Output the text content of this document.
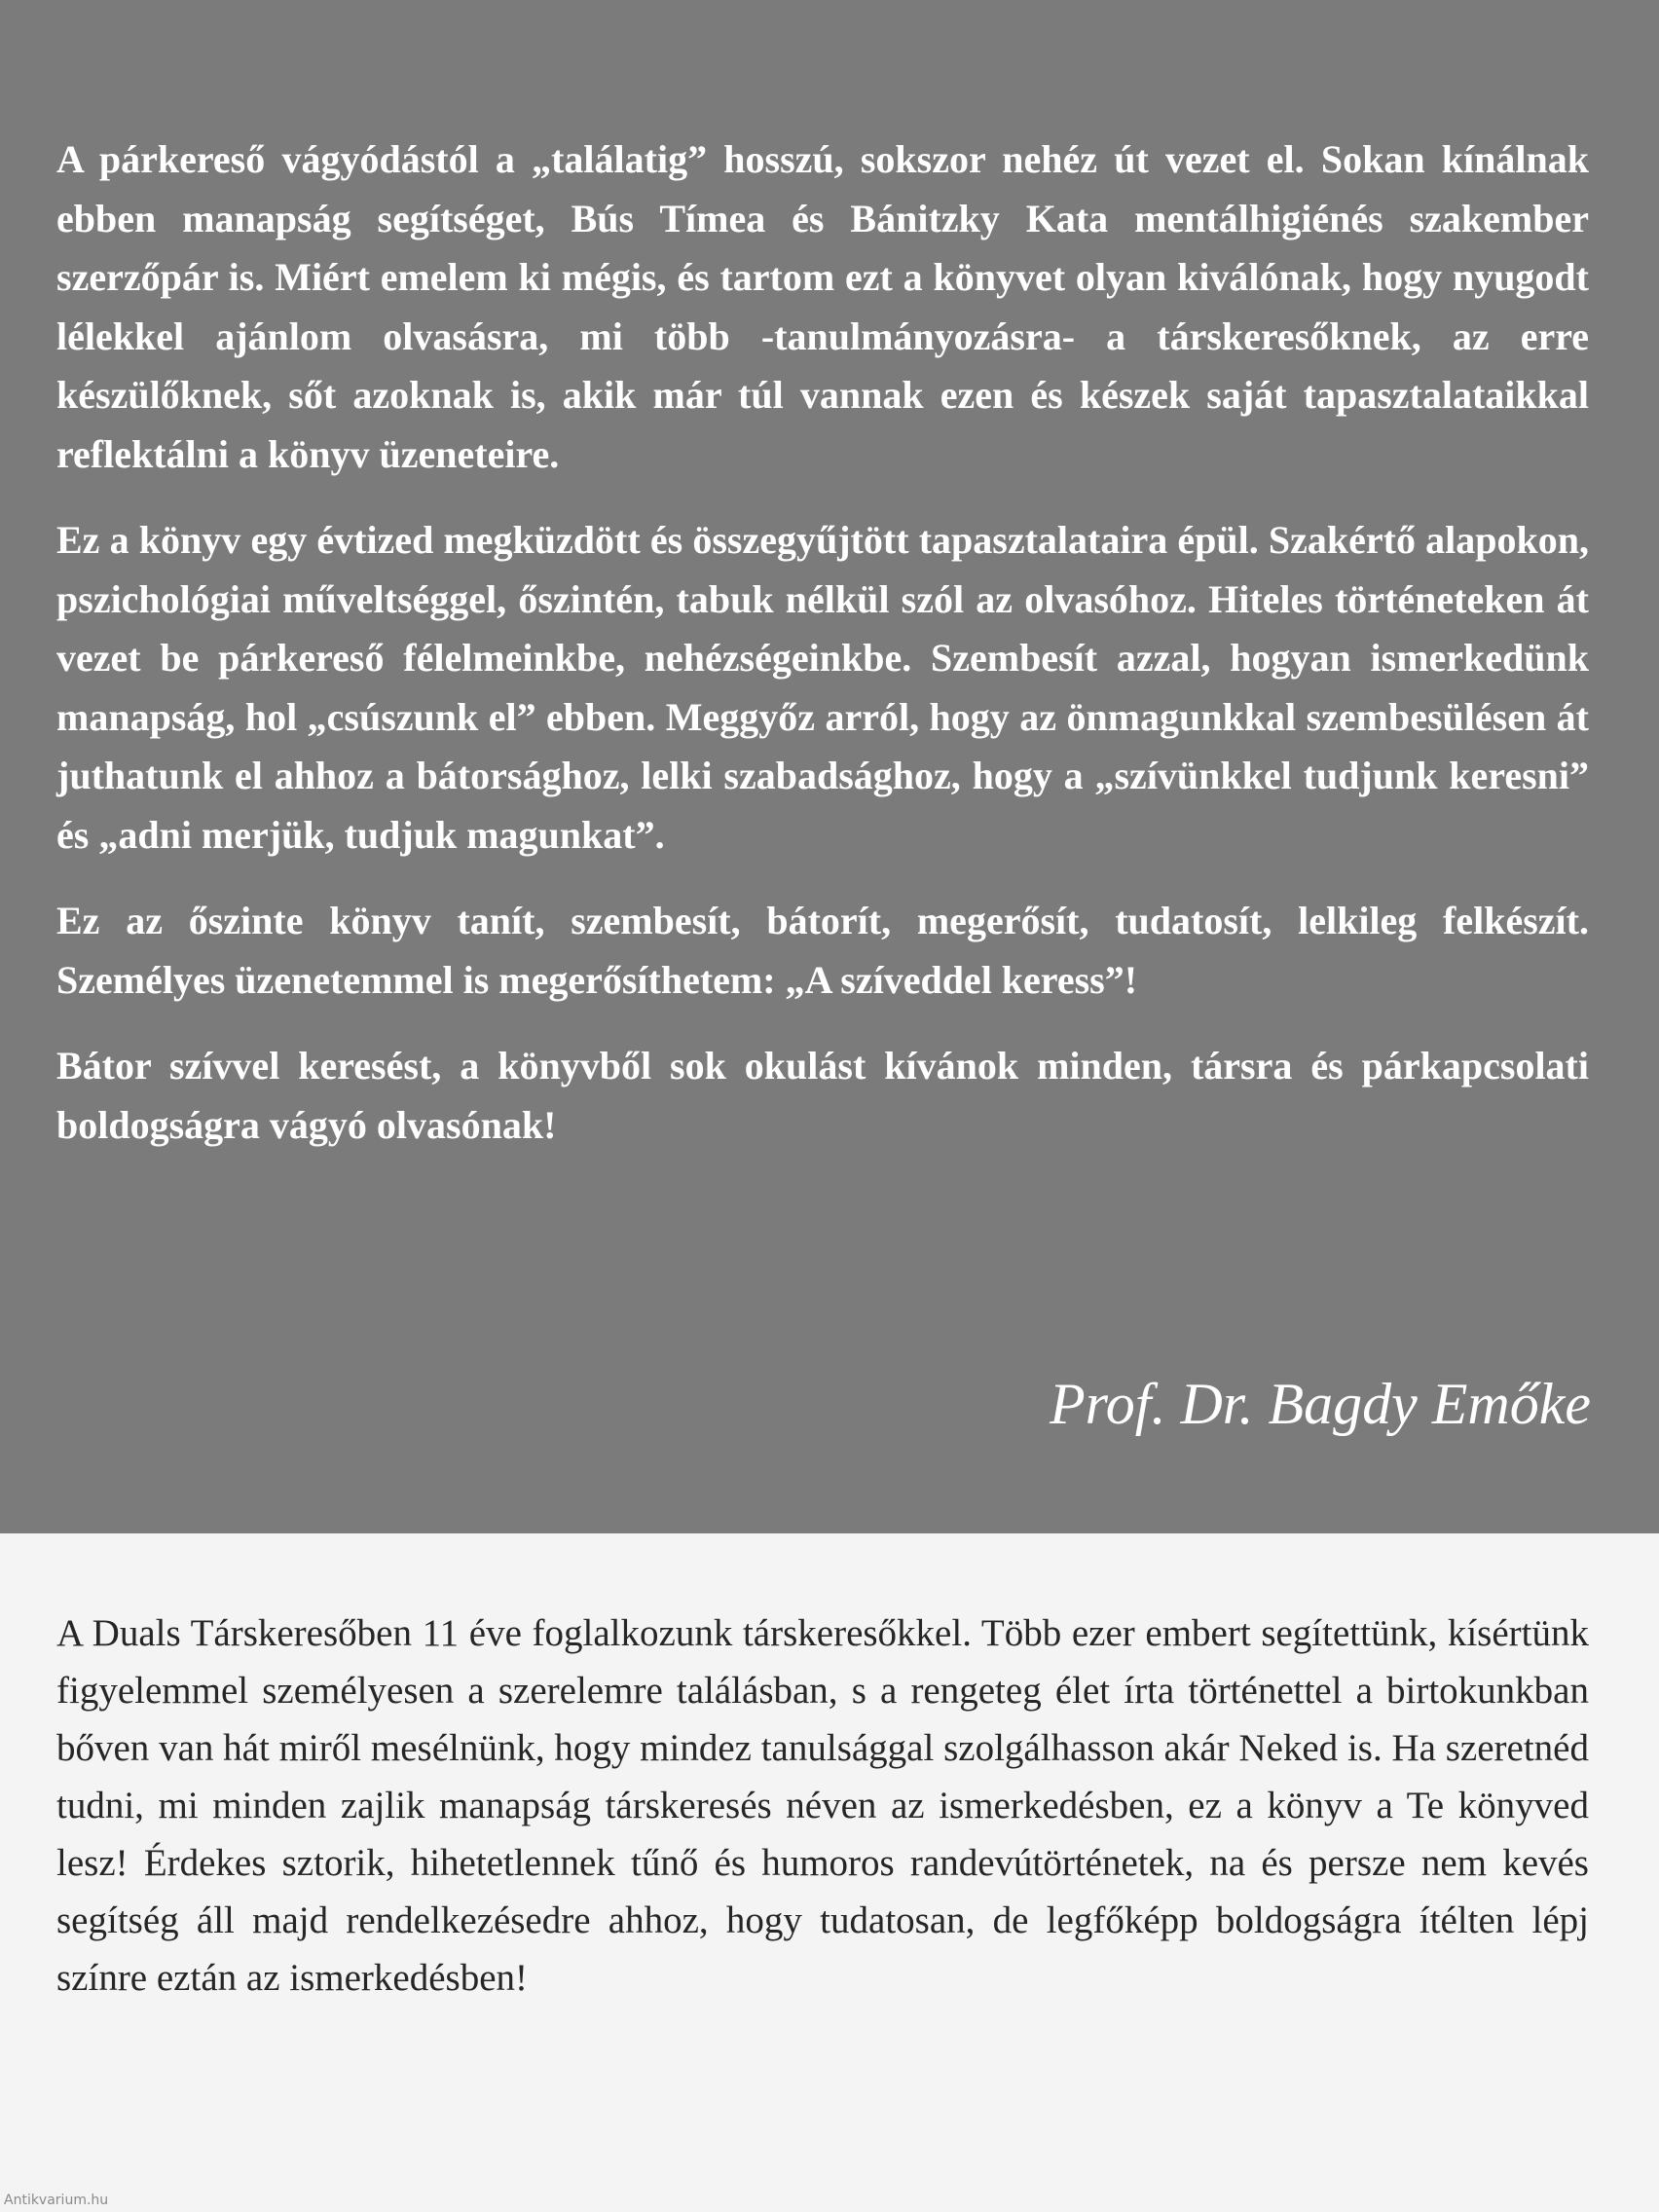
A párkereső vágyódástól a „találatig” hosszú, sokszor nehéz út vezet el. Sokan kínálnak ebben manapság segítséget, Bús Tímea és Bánitzky Kata mentálhigiénés szakember szerzőpár is. Miért emelem ki mégis, és tartom ezt a könyvet olyan kiválónak, hogy nyugodt lélekkel ajánlom olvasásra, mi több -tanulmányozásra- a társkeresőknek, az erre készülőknek, sőt azoknak is, akik már túl vannak ezen és készek saját tapasztalataikkal reflektálni a könyv üzeneteire.

Ez a könyv egy évtized megküzdött és összegyűjtött tapasztalataira épül. Szakértő alapokon, pszichológiai műveltséggel, őszintén, tabuk nélkül szól az olvasóhoz. Hiteles történeteken át vezet be párkereső félelmeinkbe, nehézségeinkbe. Szembesít azzal, hogyan ismerkedünk manapság, hol „csúszunk el” ebben. Meggyőz arról, hogy az önmagunkkal szembesülésen át juthatunk el ahhoz a bátorsághoz, lelki szabadsághoz, hogy a „szívünkkel tudjunk keresni” és „adni merjük, tudjuk magunkat”.

Ez az őszinte könyv tanít, szembesít, bátorít, megerősít, tudatosít, lelkileg felkészít. Személyes üzenetemmel is megerősíthetem: „A szíveddel keress”!

Bátor szívvel keresést, a könyvből sok okulást kívánok minden, társra és párkapcsolati boldogságra vágyó olvasónak!

Prof. Dr. Bagdy Emőke

A Duals Társkeresőben 11 éve foglalkozunk társkeresőkkel. Több ezer embert segítettünk, kísértünk figyelemmel személyesen a szerelemre találásban, s a rengeteg élet írta történettel a birtokunkban bőven van hát miről mesélnünk, hogy mindez tanulsággal szolgálhasson akár Neked is. Ha szeretnéd tudni, mi minden zajlik manapság társkeresés néven az ismerkedésben, ez a könyv a Te könyved lesz! Érdekes sztorik, hihetetlennek tűnő és humoros randevútörténetek, na és persze nem kevés segítség áll majd rendelkezésedre ahhoz, hogy tudatosan, de legfőképp boldogságra ítélten lépj színre eztán az ismerkedésben!

Antikvarium.hu
